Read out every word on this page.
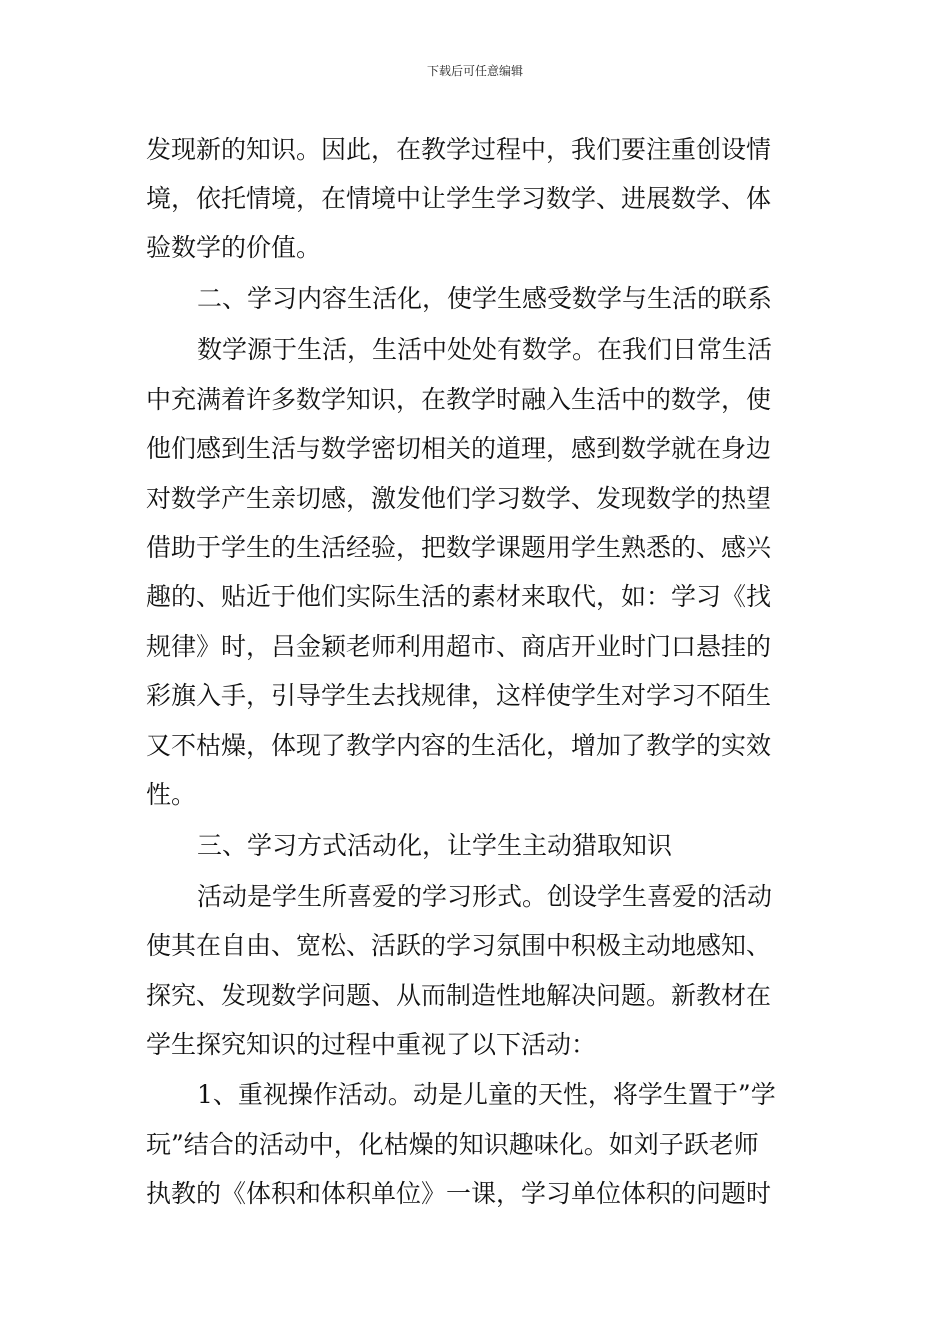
下载后可任意编辑
发现新的知识。因此，在教学过程中，我们要注重创设情
境，依托情境，在情境中让学生学习数学、进展数学、体
验数学的价值。
二、学习内容生活化，使学生感受数学与生活的联系
数学源于生活，生活中处处有数学。在我们日常生活
中充满着许多数学知识，在教学时融入生活中的数学，使
他们感到生活与数学密切相关的道理，感到数学就在身边
对数学产生亲切感，激发他们学习数学、发现数学的热望
借助于学生的生活经验，把数学课题用学生熟悉的、感兴
趣的、贴近于他们实际生活的素材来取代，如：学习《找
规律》时，吕金颖老师利用超市、商店开业时门口悬挂的
彩旗入手，引导学生去找规律，这样使学生对学习不陌生
又不枯燥，体现了教学内容的生活化，增加了教学的实效
性。
三、学习方式活动化，让学生主动猎取知识
活动是学生所喜爱的学习形式。创设学生喜爱的活动
使其在自由、宽松、活跃的学习氛围中积极主动地感知、
探究、发现数学问题、从而制造性地解决问题。新教材在
学生探究知识的过程中重视了以下活动：
1、重视操作活动。动是儿童的天性，将学生置于”学
玩”结合的活动中，化枯燥的知识趣味化。如刘子跃老师
执教的《体积和体积单位》一课，学习单位体积的问题时
